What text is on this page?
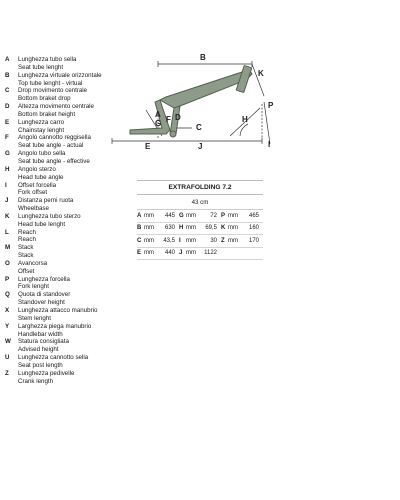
A	Lunghezza tubo sella
Seat tube lenght
B	Lunghezza virtuale orizzontale
Top tube lenght - virtual
C	Drop movimento centrale
Bottom braket drop
D	Altezza movimento centrale
Bottom braket height
E	Lunghezza carro
Chainstay lenght
F	Angolo cannotto reggisella
Seat tube angle - actual
G	Angolo tubo sella
Seat tube angle - effective
H	Angolo sterzo
Head tube angle
I	Offset forcella
Fork offset
J	Distanza perni ruota
Wheelbase
K	Lunghezza tubo sterzo
Head tube lenght
L	Reach
Reach
M	Stack
Stack
O	Avancorsa
Offset
P	Lunghezza forcella
Fork lenght
Q	Quota di standover
Standover height
X	Lunghezza attacco manubrio
Stem lenght
Y	Larghezza piega manubrio
Handlebar width
W	Statura consigliata
Advised height
U	Lunghezza cannotto sella
Seat post length
Z	Lunghezza pedivelle
Crank length
B
K
P
H
I
A
G F D
C
E	J
EXTRAFOLDING 7.2
43 cm
A mm	445 G mm	72 P mm	465
B mm	630 H mm	69,5 K mm	160
C mm	43,5 I mm	30 Z mm	170
E mm	440 J mm	1122
